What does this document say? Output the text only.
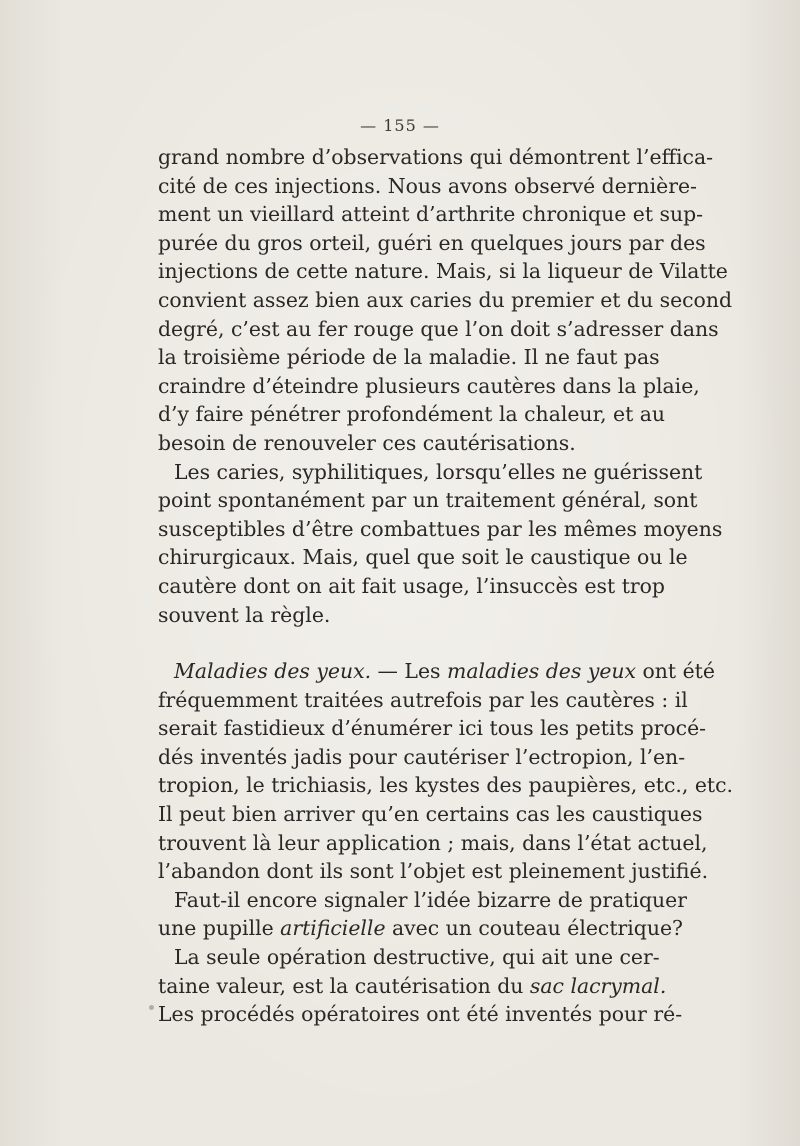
— 155 —
grand nombre d’observations qui démontrent l’effica-
cité de ces injections. Nous avons observé dernière-
ment un vieillard atteint d’arthrite chronique et sup-
purée du gros orteil, guéri en quelques jours par des
injections de cette nature. Mais, si la liqueur de Vilatte
convient assez bien aux caries du premier et du second
degré, c’est au fer rouge que l’on doit s’adresser dans
la troisième période de la maladie. Il ne faut pas
craindre d’éteindre plusieurs cautères dans la plaie,
d’y faire pénétrer profondément la chaleur, et au
besoin de renouveler ces cautérisations.
Les caries, syphilitiques, lorsqu’elles ne guérissent
point spontanément par un traitement général, sont
susceptibles d’être combattues par les mêmes moyens
chirurgicaux. Mais, quel que soit le caustique ou le
cautère dont on ait fait usage, l’insuccès est trop
souvent la règle.
Maladies des yeux. — Les maladies des yeux ont été
fréquemment traitées autrefois par les cautères : il
serait fastidieux d’énumérer ici tous les petits procé-
dés inventés jadis pour cautériser l’ectropion, l’en-
tropion, le trichiasis, les kystes des paupières, etc., etc.
Il peut bien arriver qu’en certains cas les caustiques
trouvent là leur application ; mais, dans l’état actuel,
l’abandon dont ils sont l’objet est pleinement justifié.
Faut-il encore signaler l’idée bizarre de pratiquer
une pupille artificielle avec un couteau électrique?
La seule opération destructive, qui ait une cer-
taine valeur, est la cautérisation du sac lacrymal.
Les procédés opératoires ont été inventés pour ré-
